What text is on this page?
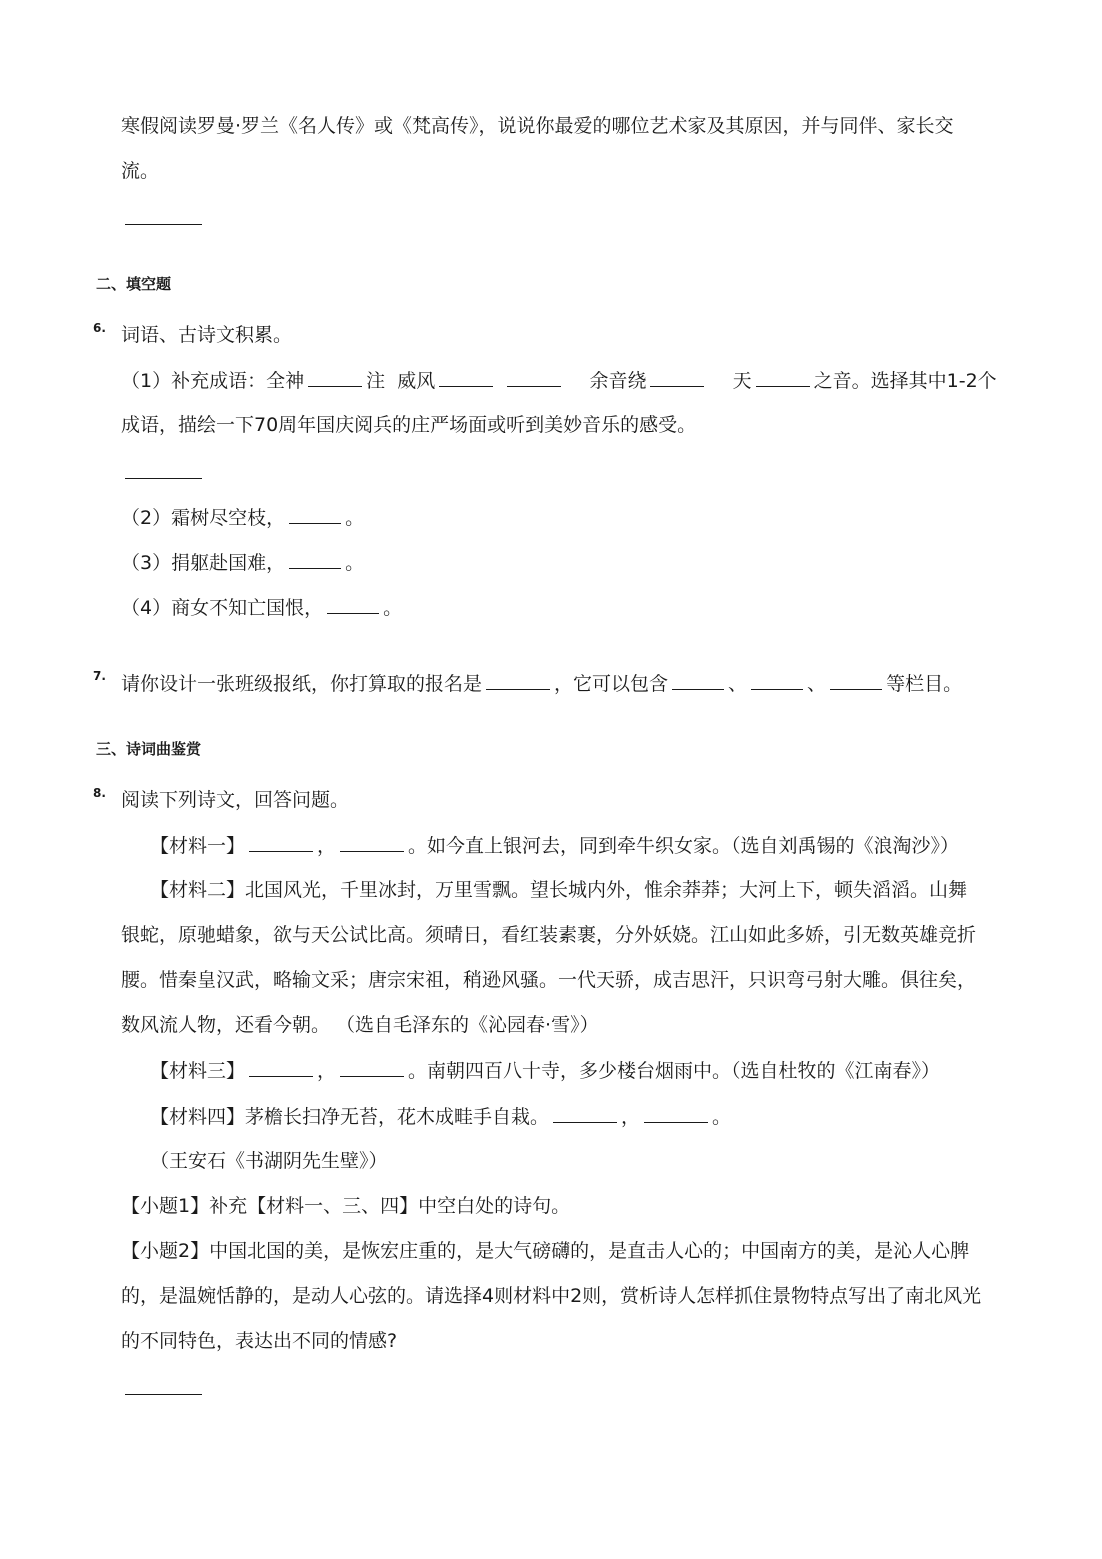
寒假阅读罗曼·罗兰《名人传》或《梵高传》，说说你最爱的哪位艺术家及其原因，并与同伴、家长交
流。
二、填空题
6. 词语、古诗文积累。
（1）补充成语：全神	注 威风	余音绕	天	之音。选择其中1-2个
成语，描绘一下70周年国庆阅兵的庄严场面或听到美妙音乐的感受。
（2）霜树尽空枝，	。
（3）捐躯赴国难，	。
（4）商女不知亡国恨，	。
7. 请你设计一张班级报纸，你打算取的报名是	，它可以包含	、	、	等栏目。
三、诗词曲鉴赏
8. 阅读下列诗文，回答问题。
【材料一】	，	。如今直上银河去，同到牵牛织女家。（选自刘禹锡的《浪淘沙》）
【材料二】北国风光，千里冰封，万里雪飘。望长城内外，惟余莽莽；大河上下，顿失滔滔。山舞
银蛇，原驰蜡象，欲与天公试比高。须晴日，看红装素裹，分外妖娆。江山如此多娇，引无数英雄竞折
腰。惜秦皇汉武，略输文采；唐宗宋祖，稍逊风骚。一代天骄，成吉思汗，只识弯弓射大雕。俱往矣，
数风流人物，还看今朝。 （选自毛泽东的《沁园春·雪》）
【材料三】	，	。南朝四百八十寺，多少楼台烟雨中。（选自杜牧的《江南春》）
【材料四】茅檐长扫净无苔，花木成畦手自栽。	，	。
（王安石《书湖阴先生壁》）
【小题1】补充【材料一、三、四】中空白处的诗句。
【小题2】中国北国的美，是恢宏庄重的，是大气磅礴的，是直击人心的；中国南方的美，是沁人心脾
的，是温婉恬静的，是动人心弦的。请选择4则材料中2则，赏析诗人怎样抓住景物特点写出了南北风光
的不同特色，表达出不同的情感?
